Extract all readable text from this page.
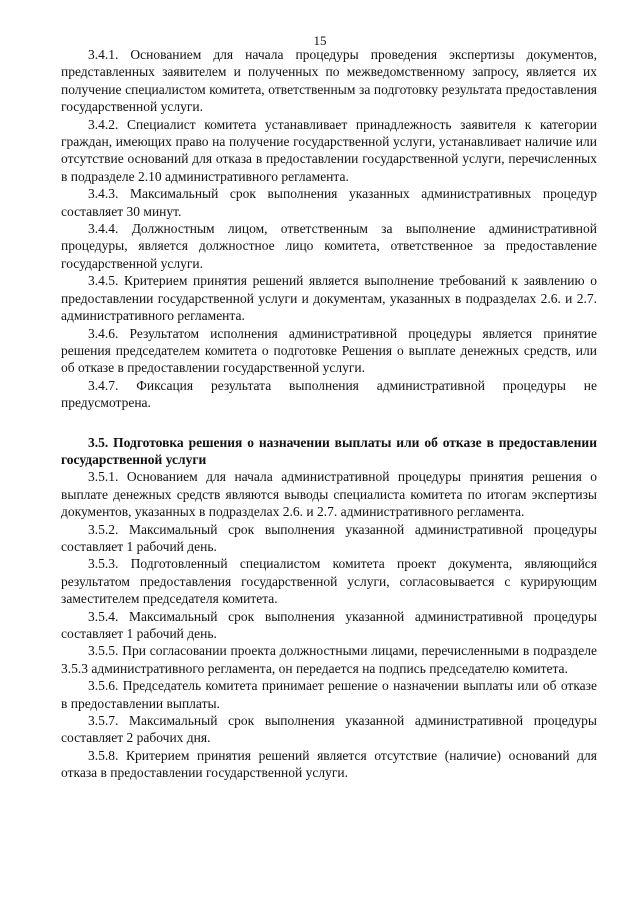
15

3.4.1. Основанием для начала процедуры проведения экспертизы документов, представленных заявителем и полученных по межведомственному запросу, является их получение специалистом комитета, ответственным за подготовку результата предоставления государственной услуги.

3.4.2. Специалист комитета устанавливает принадлежность заявителя к категории граждан, имеющих право на получение государственной услуги, устанавливает наличие или отсутствие оснований для отказа в предоставлении государственной услуги, перечисленных в подразделе 2.10 административного регламента.

3.4.3. Максимальный срок выполнения указанных административных процедур составляет 30 минут.

3.4.4. Должностным лицом, ответственным за выполнение административной процедуры, является должностное лицо комитета, ответственное за предоставление государственной услуги.

3.4.5. Критерием принятия решений является выполнение требований к заявлению о предоставлении государственной услуги и документам, указанных в подразделах 2.6. и 2.7. административного регламента.

3.4.6. Результатом исполнения административной процедуры является принятие решения председателем комитета о подготовке Решения о выплате денежных средств, или об отказе в предоставлении государственной услуги.

3.4.7. Фиксация результата выполнения административной процедуры не предусмотрена.

3.5. Подготовка решения о назначении выплаты или об отказе в предоставлении государственной услуги

3.5.1. Основанием для начала административной процедуры принятия решения о выплате денежных средств являются выводы специалиста комитета по итогам экспертизы документов, указанных в подразделах 2.6. и 2.7. административного регламента.

3.5.2. Максимальный срок выполнения указанной административной процедуры составляет 1 рабочий день.

3.5.3. Подготовленный специалистом комитета проект документа, являющийся результатом предоставления государственной услуги, согласовывается с курирующим заместителем председателя комитета.

3.5.4. Максимальный срок выполнения указанной административной процедуры составляет 1 рабочий день.

3.5.5. При согласовании проекта должностными лицами, перечисленными в подразделе 3.5.3 административного регламента, он передается на подпись председателю комитета.

3.5.6. Председатель комитета принимает решение о назначении выплаты или об отказе в предоставлении выплаты.

3.5.7. Максимальный срок выполнения указанной административной процедуры составляет 2 рабочих дня.

3.5.8. Критерием принятия решений является отсутствие (наличие) оснований для отказа в предоставлении государственной услуги.
